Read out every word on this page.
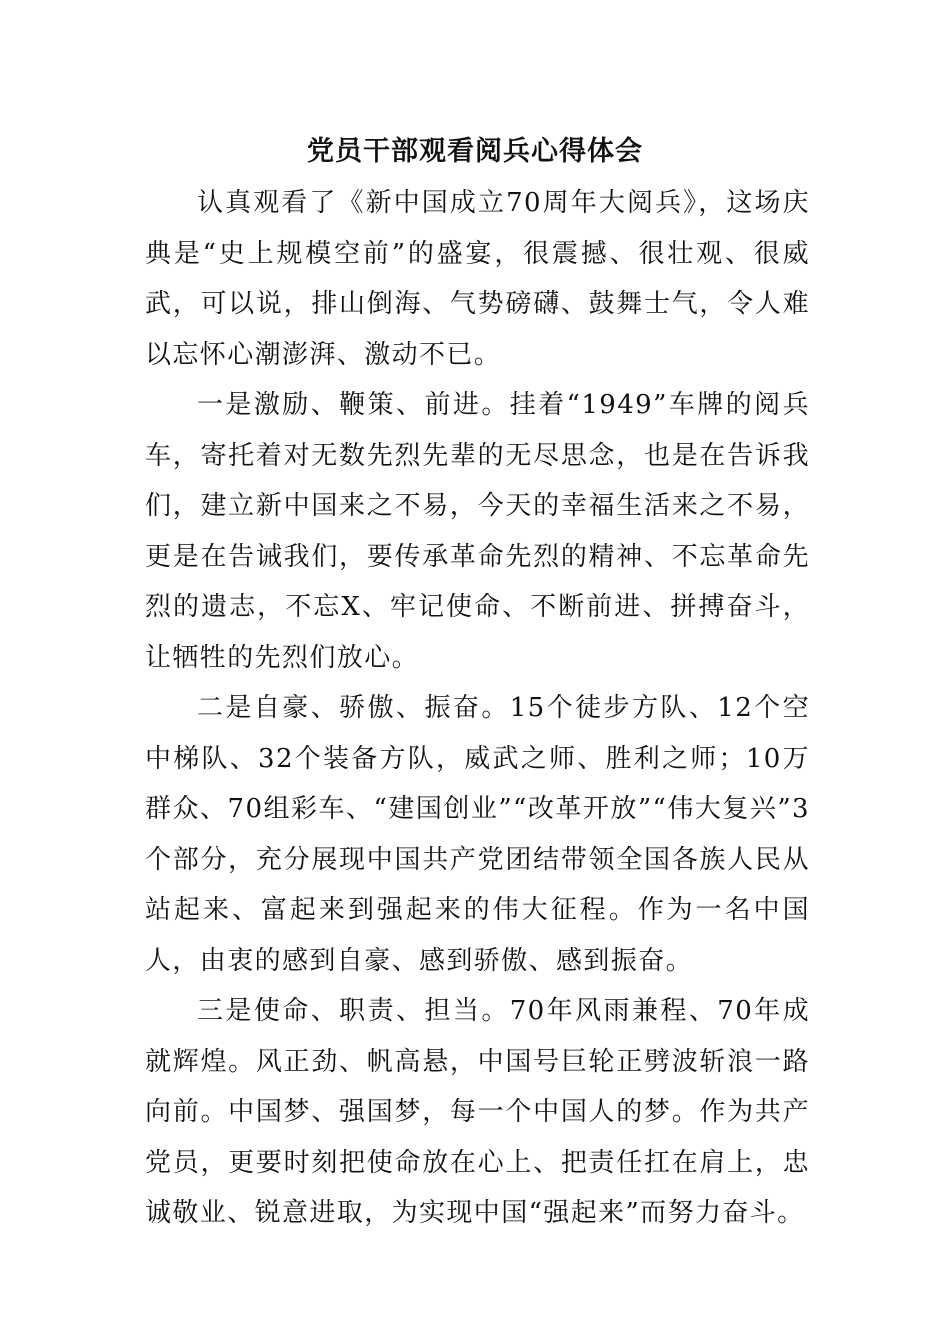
党员干部观看阅兵心得体会

认真观看了《新中国成立70周年大阅兵》，这场庆典是“史上规模空前”的盛宴，很震撼、很壮观、很威武，可以说，排山倒海、气势磅礴、鼓舞士气，令人难以忘怀心潮澎湃、激动不已。

一是激励、鞭策、前进。挂着“1949”车牌的阅兵车，寄托着对无数先烈先辈的无尽思念，也是在告诉我们，建立新中国来之不易，今天的幸福生活来之不易，更是在告诫我们，要传承革命先烈的精神、不忘革命先烈的遗志，不忘X、牢记使命、不断前进、拼搏奋斗，让牺牲的先烈们放心。

二是自豪、骄傲、振奋。15个徒步方队、12个空中梯队、32个装备方队，威武之师、胜利之师；10万群众、70组彩车、“建国创业”“改革开放”“伟大复兴”3个部分，充分展现中国共产党团结带领全国各族人民从站起来、富起来到强起来的伟大征程。作为一名中国人，由衷的感到自豪、感到骄傲、感到振奋。

三是使命、职责、担当。70年风雨兼程、70年成就辉煌。风正劲、帆高悬，中国号巨轮正劈波斩浪一路向前。中国梦、强国梦，每一个中国人的梦。作为共产党员，更要时刻把使命放在心上、把责任扛在肩上，忠诚敬业、锐意进取，为实现中国“强起来”而努力奋斗。
